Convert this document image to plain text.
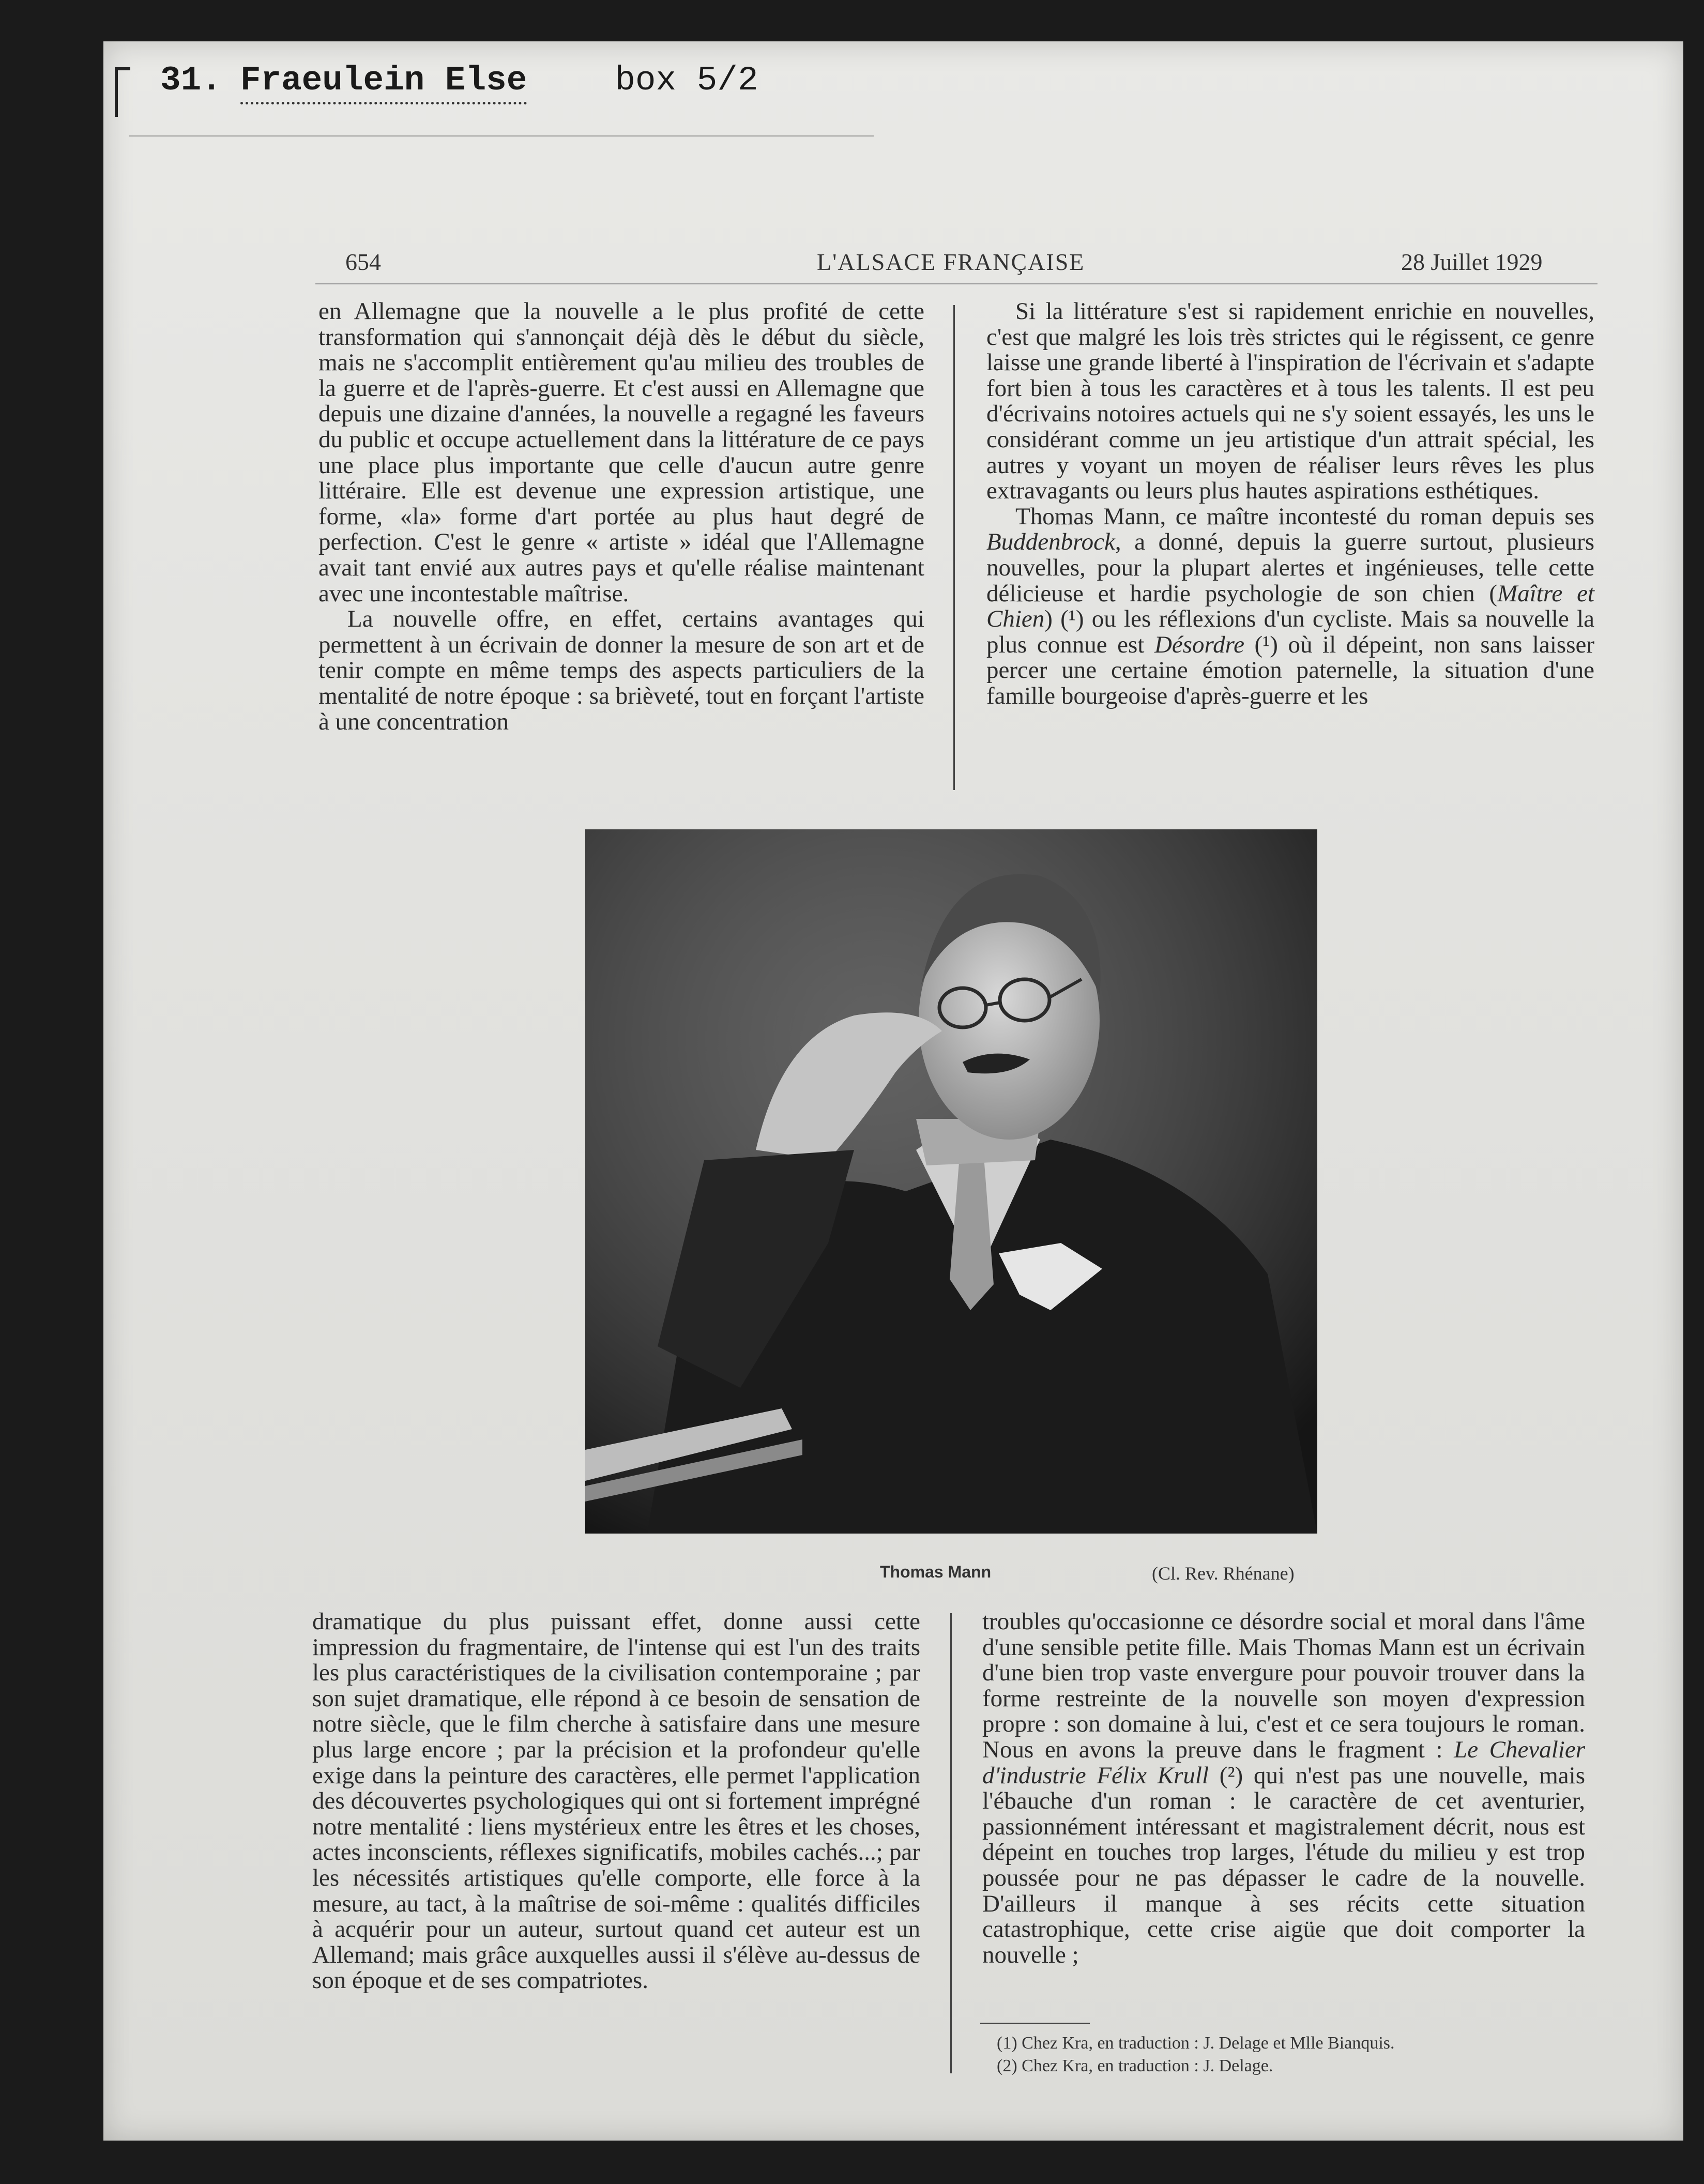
31. Fraeulein Else	box 5/2
654	L'ALSACE FRANÇAISE	28 Juillet 1929

en Allemagne que la nouvelle a le plus profité de cette transformation qui s'annonçait déjà dès le début du siècle, mais ne s'accomplit entièrement qu'au milieu des troubles de la guerre et de l'après-guerre. Et c'est aussi en Allemagne que depuis une dizaine d'années, la nouvelle a regagné les faveurs du public et occupe actuellement dans la littérature de ce pays une place plus importante que celle d'aucun autre genre littéraire. Elle est devenue une expression artistique, une forme, «la» forme d'art portée au plus haut degré de perfection. C'est le genre « artiste » idéal que l'Allemagne avait tant envié aux autres pays et qu'elle réalise maintenant avec une incontestable maîtrise.

La nouvelle offre, en effet, certains avantages qui permettent à un écrivain de donner la mesure de son art et de tenir compte en même temps des aspects particuliers de la mentalité de notre époque : sa brièveté, tout en forçant l'artiste à une concentration

Si la littérature s'est si rapidement enrichie en nouvelles, c'est que malgré les lois très strictes qui le régissent, ce genre laisse une grande liberté à l'inspiration de l'écrivain et s'adapte fort bien à tous les caractères et à tous les talents. Il est peu d'écrivains notoires actuels qui ne s'y soient essayés, les uns le considérant comme un jeu artistique d'un attrait spécial, les autres y voyant un moyen de réaliser leurs rêves les plus extravagants ou leurs plus hautes aspirations esthétiques.

Thomas Mann, ce maître incontesté du roman depuis ses Buddenbrock, a donné, depuis la guerre surtout, plusieurs nouvelles, pour la plupart alertes et ingénieuses, telle cette délicieuse et hardie psychologie de son chien (Maître et Chien) (¹) ou les réflexions d'un cycliste. Mais sa nouvelle la plus connue est Désordre (¹) où il dépeint, non sans laisser percer une certaine émotion paternelle, la situation d'une famille bourgeoise d'après-guerre et les

Thomas Mann	(Cl. Rev. Rhénane)

dramatique du plus puissant effet, donne aussi cette impression du fragmentaire, de l'intense qui est l'un des traits les plus caractéristiques de la civilisation contemporaine ; par son sujet dramatique, elle répond à ce besoin de sensation de notre siècle, que le film cherche à satisfaire dans une mesure plus large encore ; par la précision et la profondeur qu'elle exige dans la peinture des caractères, elle permet l'application des découvertes psychologiques qui ont si fortement imprégné notre mentalité : liens mystérieux entre les êtres et les choses, actes inconscients, réflexes significatifs, mobiles cachés...; par les nécessités artistiques qu'elle comporte, elle force à la mesure, au tact, à la maîtrise de soi-même : qualités difficiles à acquérir pour un auteur, surtout quand cet auteur est un Allemand; mais grâce auxquelles aussi il s'élève au-dessus de son époque et de ses compatriotes.

troubles qu'occasionne ce désordre social et moral dans l'âme d'une sensible petite fille. Mais Thomas Mann est un écrivain d'une bien trop vaste envergure pour pouvoir trouver dans la forme restreinte de la nouvelle son moyen d'expression propre : son domaine à lui, c'est et ce sera toujours le roman. Nous en avons la preuve dans le fragment : Le Chevalier d'industrie Félix Krull (²) qui n'est pas une nouvelle, mais l'ébauche d'un roman : le caractère de cet aventurier, passionnément intéressant et magistralement décrit, nous est dépeint en touches trop larges, l'étude du milieu y est trop poussée pour ne pas dépasser le cadre de la nouvelle. D'ailleurs il manque à ses récits cette situation catastrophique, cette crise aigüe que doit comporter la nouvelle ;

(1) Chez Kra, en traduction : J. Delage et Mlle Bianquis.
(2) Chez Kra, en traduction : J. Delage.
